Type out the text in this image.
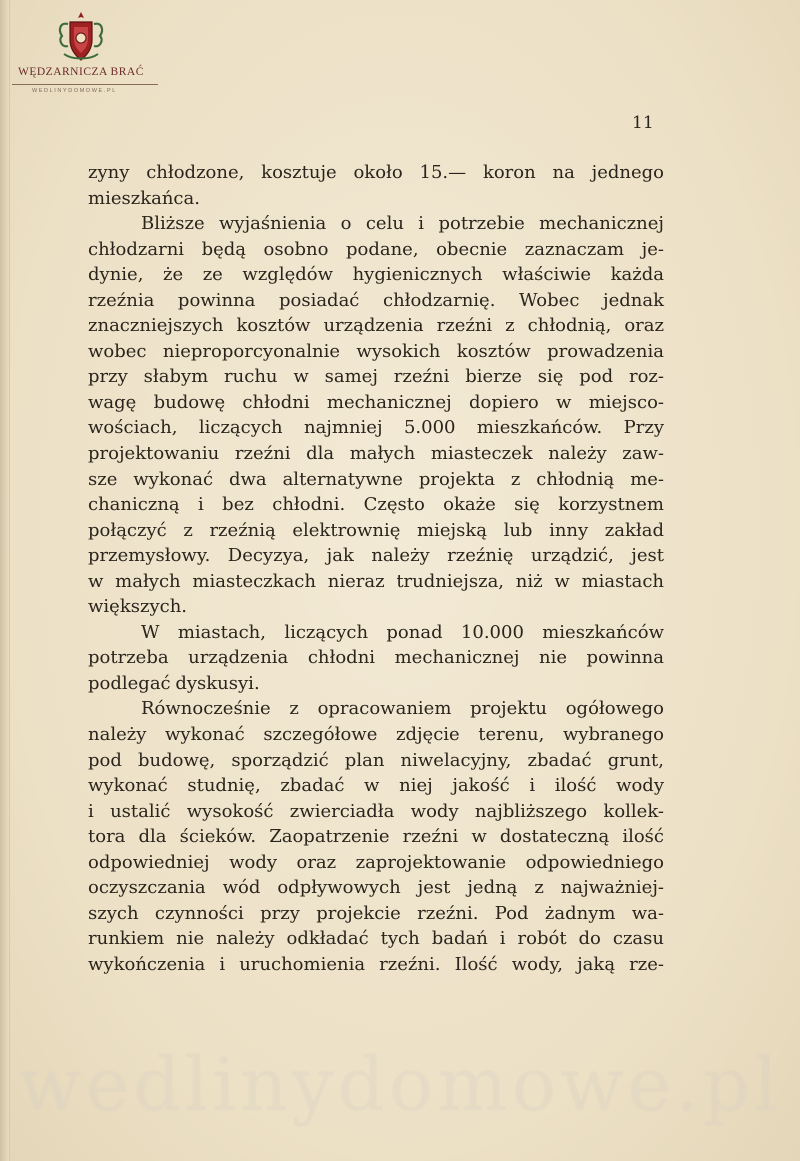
WĘDZARNICZA BRAĆ
WEDLINYDOMOWE.PL
11
zyny chłodzone, kosztuje około 15.— koron na jednego
mieszkańca.
Bliższe wyjaśnienia o celu i potrzebie mechanicznej
chłodzarni będą osobno podane, obecnie zaznaczam je-
dynie, że ze względów hygienicznych właściwie każda
rzeźnia powinna posiadać chłodzarnię. Wobec jednak
znaczniejszych kosztów urządzenia rzeźni z chłodnią, oraz
wobec nieproporcyonalnie wysokich kosztów prowadzenia
przy słabym ruchu w samej rzeźni bierze się pod roz-
wagę budowę chłodni mechanicznej dopiero w miejsco-
wościach, liczących najmniej 5.000 mieszkańców. Przy
projektowaniu rzeźni dla małych miasteczek należy zaw-
sze wykonać dwa alternatywne projekta z chłodnią me-
chaniczną i bez chłodni. Często okaże się korzystnem
połączyć z rzeźnią elektrownię miejską lub inny zakład
przemysłowy. Decyzya, jak należy rzeźnię urządzić, jest
w małych miasteczkach nieraz trudniejsza, niż w miastach
większych.
W miastach, liczących ponad 10.000 mieszkańców
potrzeba urządzenia chłodni mechanicznej nie powinna
podlegać dyskusyi.
Równocześnie z opracowaniem projektu ogółowego
należy wykonać szczegółowe zdjęcie terenu, wybranego
pod budowę, sporządzić plan niwelacyjny, zbadać grunt,
wykonać studnię, zbadać w niej jakość i ilość wody
i ustalić wysokość zwierciadła wody najbliższego kollek-
tora dla ścieków. Zaopatrzenie rzeźni w dostateczną ilość
odpowiedniej wody oraz zaprojektowanie odpowiedniego
oczyszczania wód odpływowych jest jedną z najważniej-
szych czynności przy projekcie rzeźni. Pod żadnym wa-
runkiem nie należy odkładać tych badań i robót do czasu
wykończenia i uruchomienia rzeźni. Ilość wody, jaką rze-
wedlinydomowe.pl
